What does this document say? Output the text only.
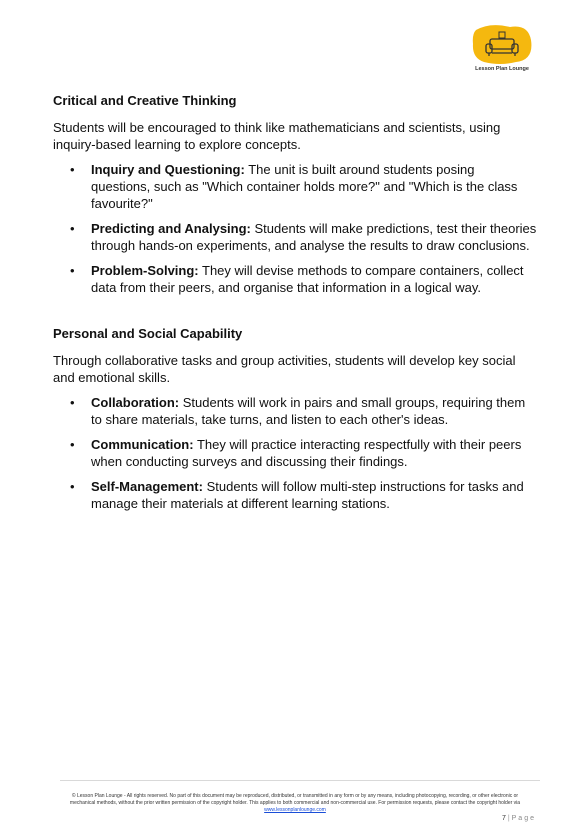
Lesson Plan Lounge
Critical and Creative Thinking

Students will be encouraged to think like mathematicians and scientists, using inquiry-based learning to explore concepts.

• Inquiry and Questioning: The unit is built around students posing questions, such as "Which container holds more?" and "Which is the class favourite?"
• Predicting and Analysing: Students will make predictions, test their theories through hands-on experiments, and analyse the results to draw conclusions.
• Problem-Solving: They will devise methods to compare containers, collect data from their peers, and organise that information in a logical way.
Personal and Social Capability

Through collaborative tasks and group activities, students will develop key social and emotional skills.

• Collaboration: Students will work in pairs and small groups, requiring them to share materials, take turns, and listen to each other's ideas.
• Communication: They will practice interacting respectfully with their peers when conducting surveys and discussing their findings.
• Self-Management: Students will follow multi-step instructions for tasks and manage their materials at different learning stations.
© Lesson Plan Lounge - All rights reserved. No part of this document may be reproduced, distributed, or transmitted in any form or by any means, including photocopying, recording, or other electronic or mechanical methods, without the prior written permission of the copyright holder. This applies to both commercial and non-commercial use. For permission requests, please contact the copyright holder via
www.lessonplanlounge.com
7 | Page
